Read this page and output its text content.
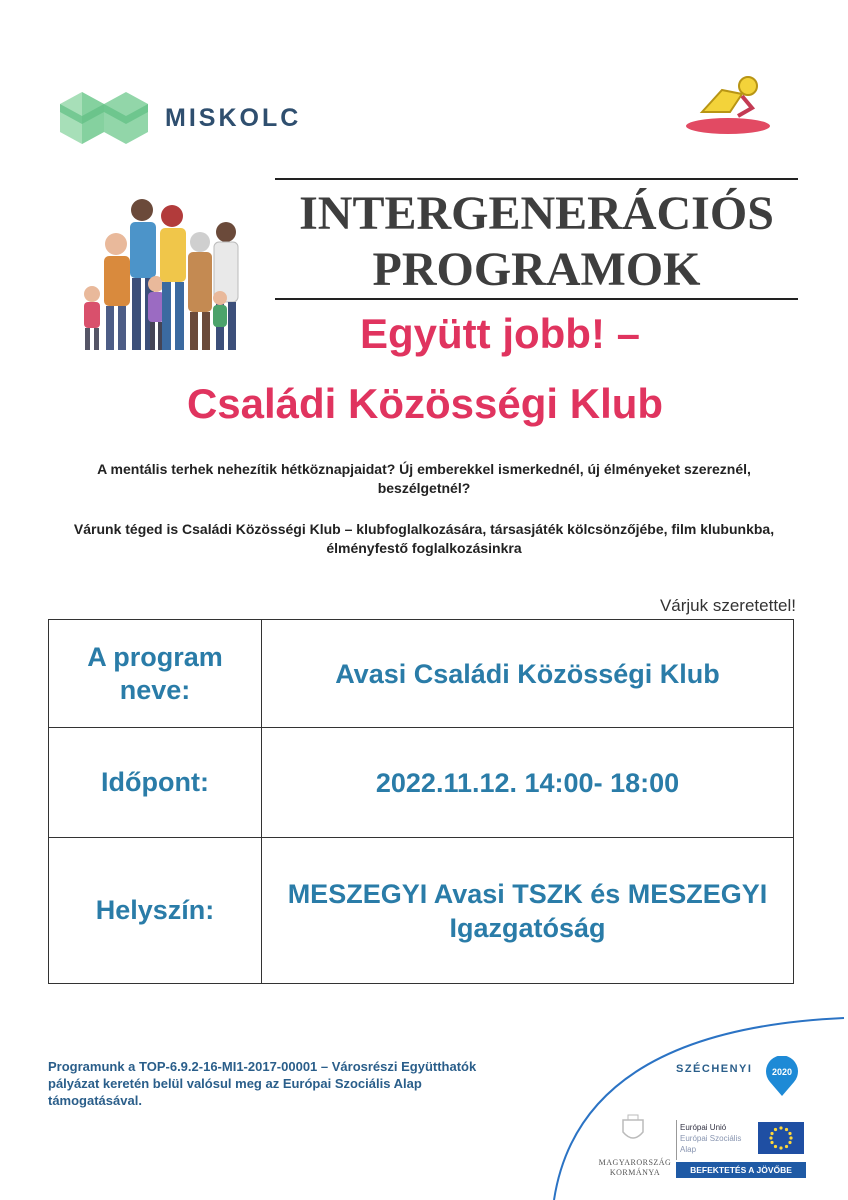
MISKOLC
INTERGENERÁCIÓS
PROGRAMOK
Együtt jobb! –
Családi Közösségi Klub
A mentális terhek nehezítik hétköznapjaidat? Új emberekkel ismerkednél, új élményeket szereznél, beszélgetnél?
Várunk téged is Családi Közösségi Klub – klubfoglalkozására, társasjáték kölcsönzőjébe, film klubunkba, élményfestő foglalkozásinkra
Várjuk szeretettel!
A program neve:	Avasi Családi Közösségi Klub
Időpont:	2022.11.12. 14:00- 18:00
Helyszín:	MESZEGYI Avasi TSZK és MESZEGYI Igazgatóság
Programunk a TOP-6.9.2-16-MI1-2017-00001 – Városrészi Együtthatók pályázat keretén belül valósul meg az Európai Szociális Alap támogatásával.
SZÉCHENYI	2020
MAGYARORSZÁG KORMÁNYA
Európai Unió
Európai Szociális
Alap
BEFEKTETÉS A JÖVŐBE
